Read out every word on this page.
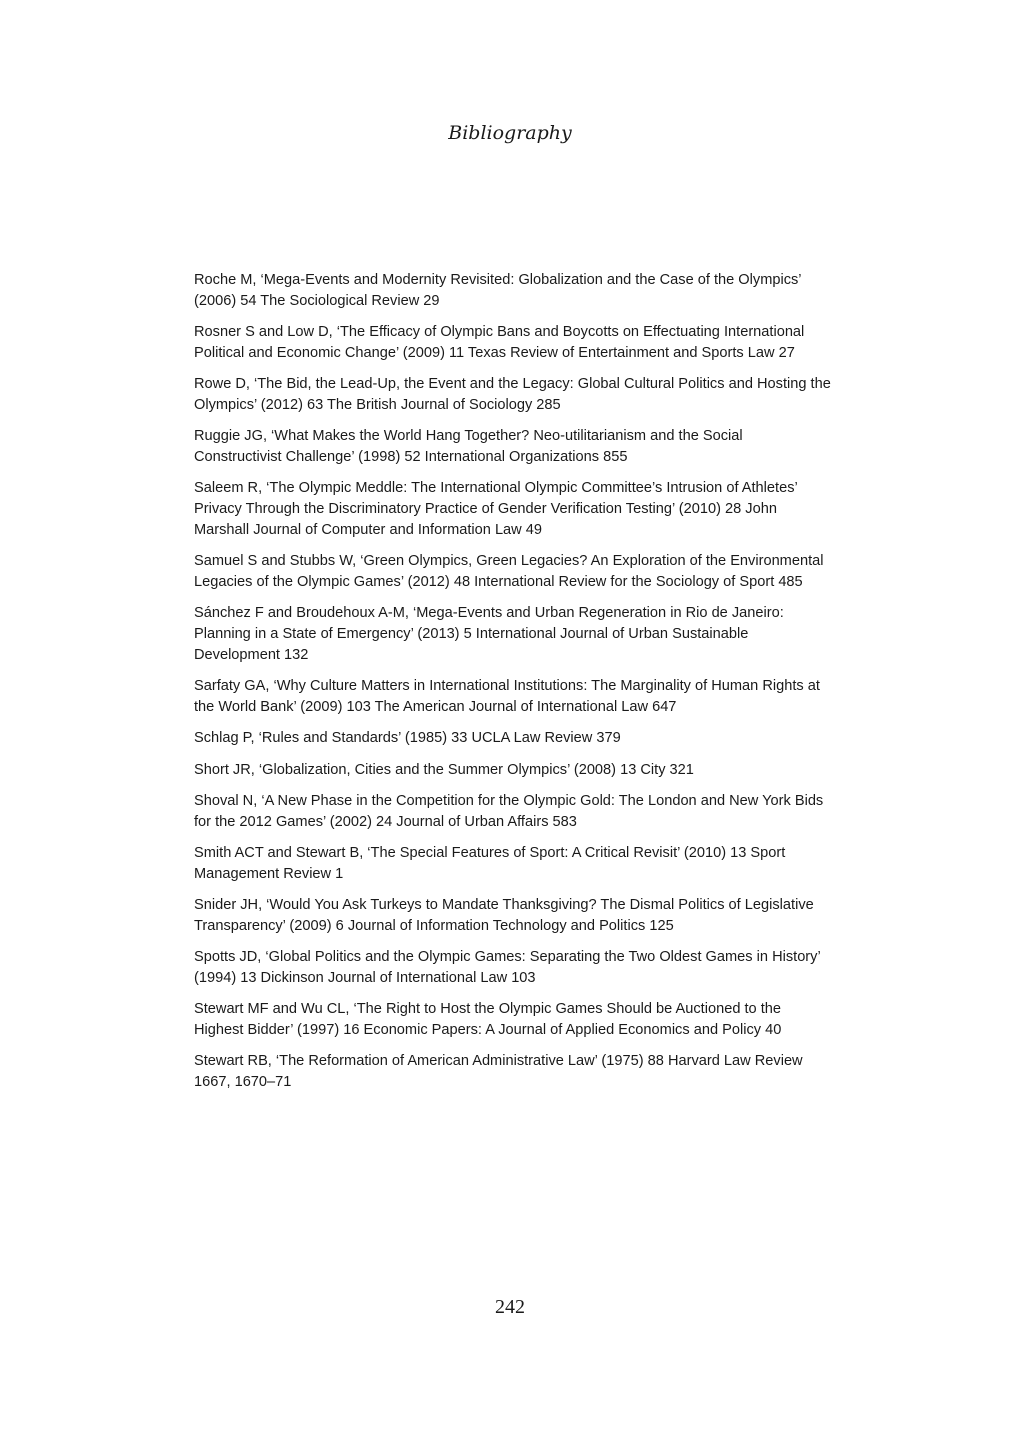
Bibliography
Roche M, ‘Mega-Events and Modernity Revisited: Globalization and the Case of the Olympics’ (2006) 54 The Sociological Review 29
Rosner S and Low D, ‘The Efficacy of Olympic Bans and Boycotts on Effectuating International Political and Economic Change’ (2009) 11 Texas Review of Entertainment and Sports Law 27
Rowe D, ‘The Bid, the Lead-Up, the Event and the Legacy: Global Cultural Politics and Hosting the Olympics’ (2012) 63 The British Journal of Sociology 285
Ruggie JG, ‘What Makes the World Hang Together? Neo-utilitarianism and the Social Constructivist Challenge’ (1998) 52 International Organizations 855
Saleem R, ‘The Olympic Meddle: The International Olympic Committee’s Intrusion of Athletes’ Privacy Through the Discriminatory Practice of Gender Verification Testing’ (2010) 28 John Marshall Journal of Computer and Information Law 49
Samuel S and Stubbs W, ‘Green Olympics, Green Legacies? An Exploration of the Environmental Legacies of the Olympic Games’ (2012) 48 International Review for the Sociology of Sport 485
Sánchez F and Broudehoux A-M, ‘Mega-Events and Urban Regeneration in Rio de Janeiro: Planning in a State of Emergency’ (2013) 5 International Journal of Urban Sustainable Development 132
Sarfaty GA, ‘Why Culture Matters in International Institutions: The Marginality of Human Rights at the World Bank’ (2009) 103 The American Journal of International Law 647
Schlag P, ‘Rules and Standards’ (1985) 33 UCLA Law Review 379
Short JR, ‘Globalization, Cities and the Summer Olympics’ (2008) 13 City 321
Shoval N, ‘A New Phase in the Competition for the Olympic Gold: The London and New York Bids for the 2012 Games’ (2002) 24 Journal of Urban Affairs 583
Smith ACT and Stewart B, ‘The Special Features of Sport: A Critical Revisit’ (2010) 13 Sport Management Review 1
Snider JH, ‘Would You Ask Turkeys to Mandate Thanksgiving? The Dismal Politics of Legislative Transparency’ (2009) 6 Journal of Information Technology and Politics 125
Spotts JD, ‘Global Politics and the Olympic Games: Separating the Two Oldest Games in History’ (1994) 13 Dickinson Journal of International Law 103
Stewart MF and Wu CL, ‘The Right to Host the Olympic Games Should be Auctioned to the Highest Bidder’ (1997) 16 Economic Papers: A Journal of Applied Economics and Policy 40
Stewart RB, ‘The Reformation of American Administrative Law’ (1975) 88 Harvard Law Review 1667, 1670–71
242
